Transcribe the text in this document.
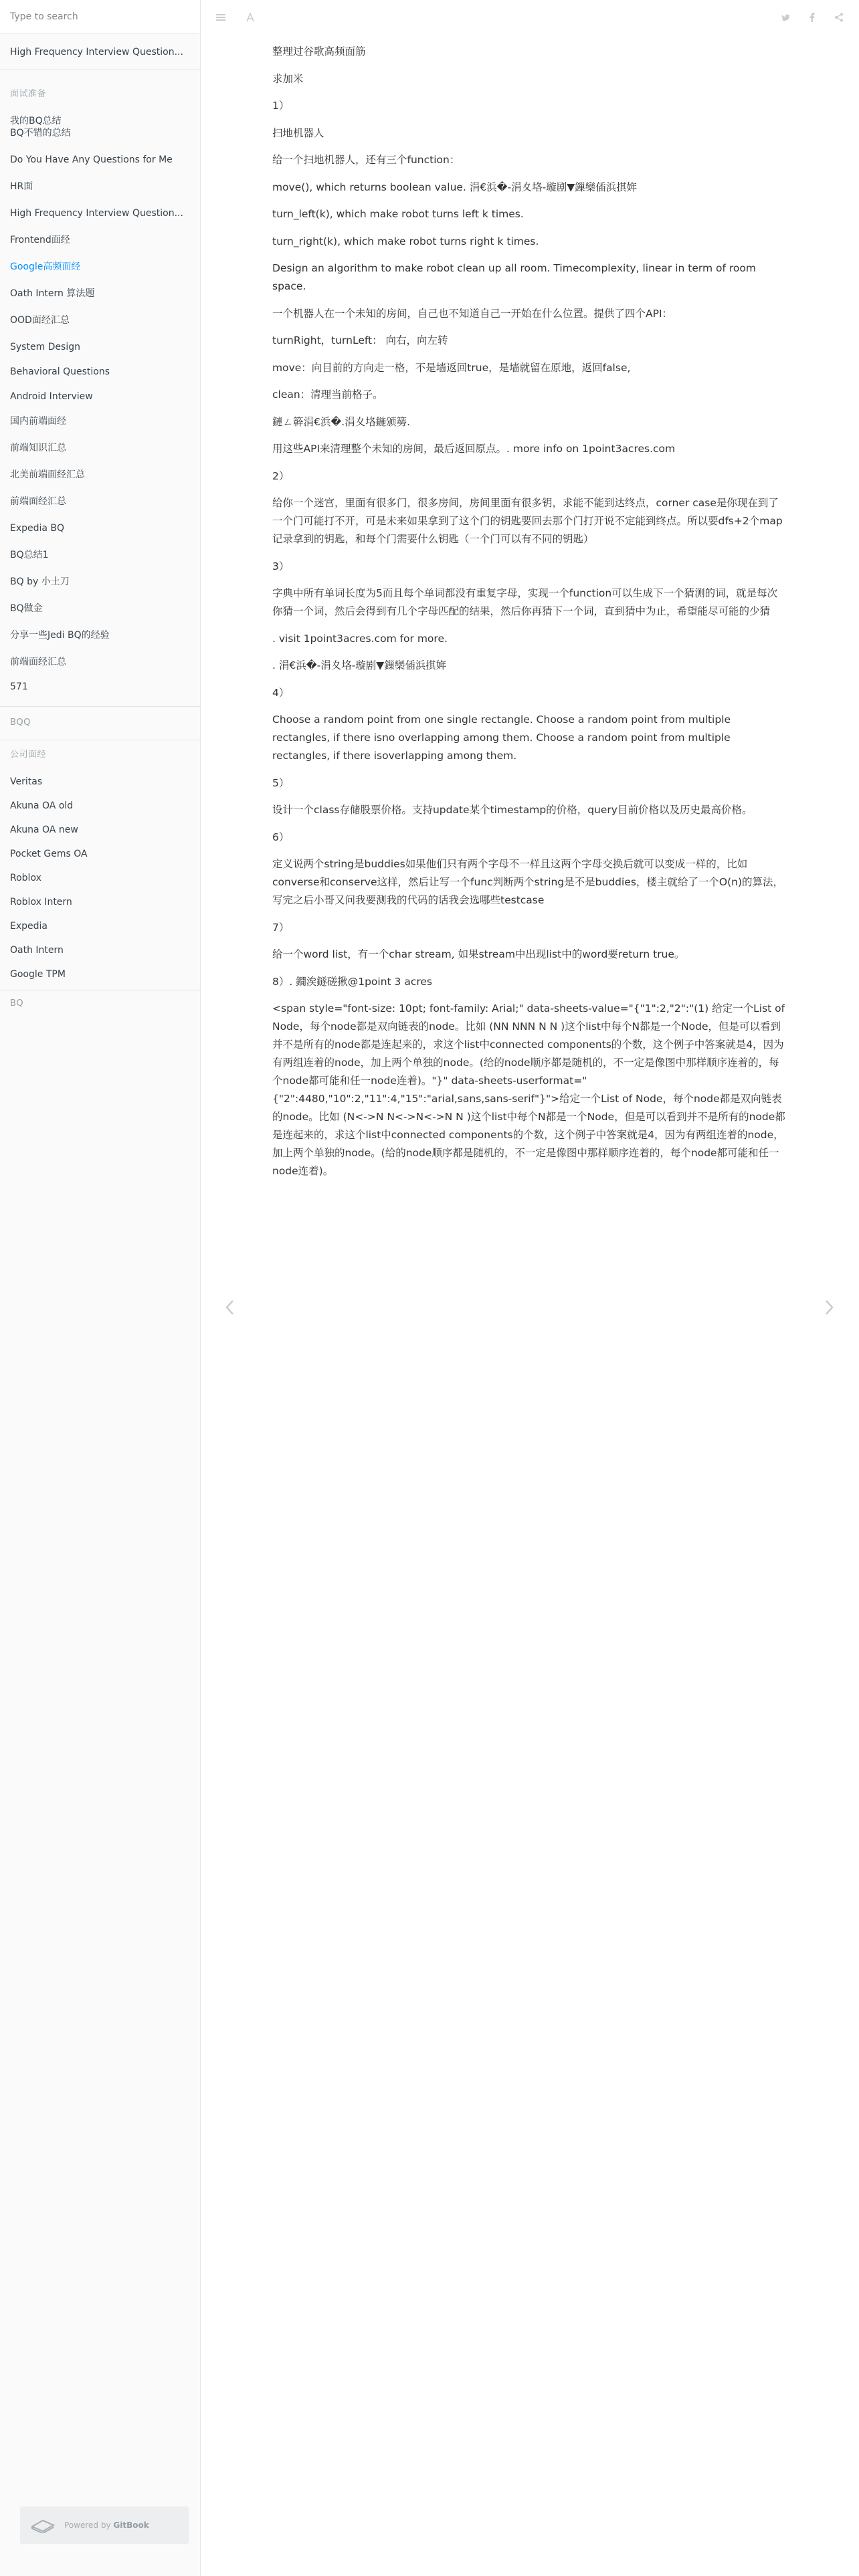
Type to search
High Frequency Interview Question...
面试准备
我的BQ总结
BQ不错的总结
Do You Have Any Questions for Me
HR面
High Frequency Interview Question...
Frontend面经
Google高频面经
Oath Intern 算法题
OOD面经汇总
System Design
Behavioral Questions
Android Interview
国内前端面经
前端知识汇总
北美前端面经汇总
前端面经汇总
Expedia BQ
BQ总结1
BQ by 小土刀
BQ做金
分享一些Jedi BQ的经验
前端面经汇总
571
BQQ
公司面经
Veritas
Akuna OA old
Akuna OA new
Pocket Gems OA
Roblox
Roblox Intern
Expedia
Oath Intern
Google TPM
BQ
Powered by GitBook

整理过谷歌高频面筋

求加米

1）

扫地机器人

给一个扫地机器人，还有三个function：

move(), which returns boolean value. 涓€浜�-涓夊垎-璇剧▼鏁欒偛浜掑姩

turn_left(k), which make robot turns left k times.

turn_right(k), which make robot turns right k times.

Design an algorithm to make robot clean up all room. Timecomplexity, linear in term of room space.

一个机器人在一个未知的房间，自己也不知道自己一开始在什么位置。提供了四个API：

turnRight，turnLeft： 向右，向左转

move：向目前的方向走一格，不是墙返回true，是墙就留在原地，返回false,

clean：清理当前格子。

鏈ㄥ簳涓€浜�.涓夊垎鍦颁簩.

用这些API来清理整个未知的房间，最后返回原点。. more info on 1point3acres.com

2）

给你一个迷宫，里面有很多门，很多房间，房间里面有很多钥，求能不能到达终点，corner case是你现在到了一个门可能打不开，可是未来如果拿到了这个门的钥匙要回去那个门打开说不定能到终点。所以要dfs+2个map记录拿到的钥匙，和每个门需要什么钥匙（一个门可以有不同的钥匙）

3）

字典中所有单词长度为5而且每个单词都没有重复字母，实现一个function可以生成下一个猜测的词，就是每次你猜一个词，然后会得到有几个字母匹配的结果，然后你再猜下一个词，直到猜中为止，希望能尽可能的少猜

. visit 1point3acres.com for more.

. 涓€浜�-涓夊垎-璇剧▼鏁欒偛浜掑姩

4）

Choose a random point from one single rectangle. Choose a random point from multiple rectangles, if there isno overlapping among them. Choose a random point from multiple rectangles, if there isoverlapping among them.

5）

设计一个class存储股票价格。支持update某个timestamp的价格，query目前价格以及历史最高价格。

6）

定义说两个string是buddies如果他们只有两个字母不一样且这两个字母交换后就可以变成一样的，比如converse和conserve这样，然后让写一个func判断两个string是不是buddies，楼主就给了一个O(n)的算法，写完之后小哥又问我要测我的代码的话我会选哪些testcase

7）

给一个word list，有一个char stream, 如果stream中出现list中的word要return true。

8）. 鐗涘鐩磋揪@1point 3 acres

<span style="font-size: 10pt; font-family: Arial;" data-sheets-value="{"1":2,"2":"(1) 给定一个List of Node，每个node都是双向链表的node。比如 (NN NNN N N )这个list中每个N都是一个Node，但是可以看到并不是所有的node都是连起来的，求这个list中connected components的个数，这个例子中答案就是4，因为有两组连着的node，加上两个单独的node。(给的node顺序都是随机的，不一定是像图中那样顺序连着的，每个node都可能和任一node连着)。"}" data-sheets-userformat="{"2":4480,"10":2,"11":4,"15":"arial,sans,sans-serif"}">给定一个List of Node，每个node都是双向链表的node。比如 (N<->N N<->N<->N N )这个list中每个N都是一个Node，但是可以看到并不是所有的node都是连起来的，求这个list中connected components的个数，这个例子中答案就是4，因为有两组连着的node，加上两个单独的node。(给的node顺序都是随机的，不一定是像图中那样顺序连着的，每个node都可能和任一node连着)。
